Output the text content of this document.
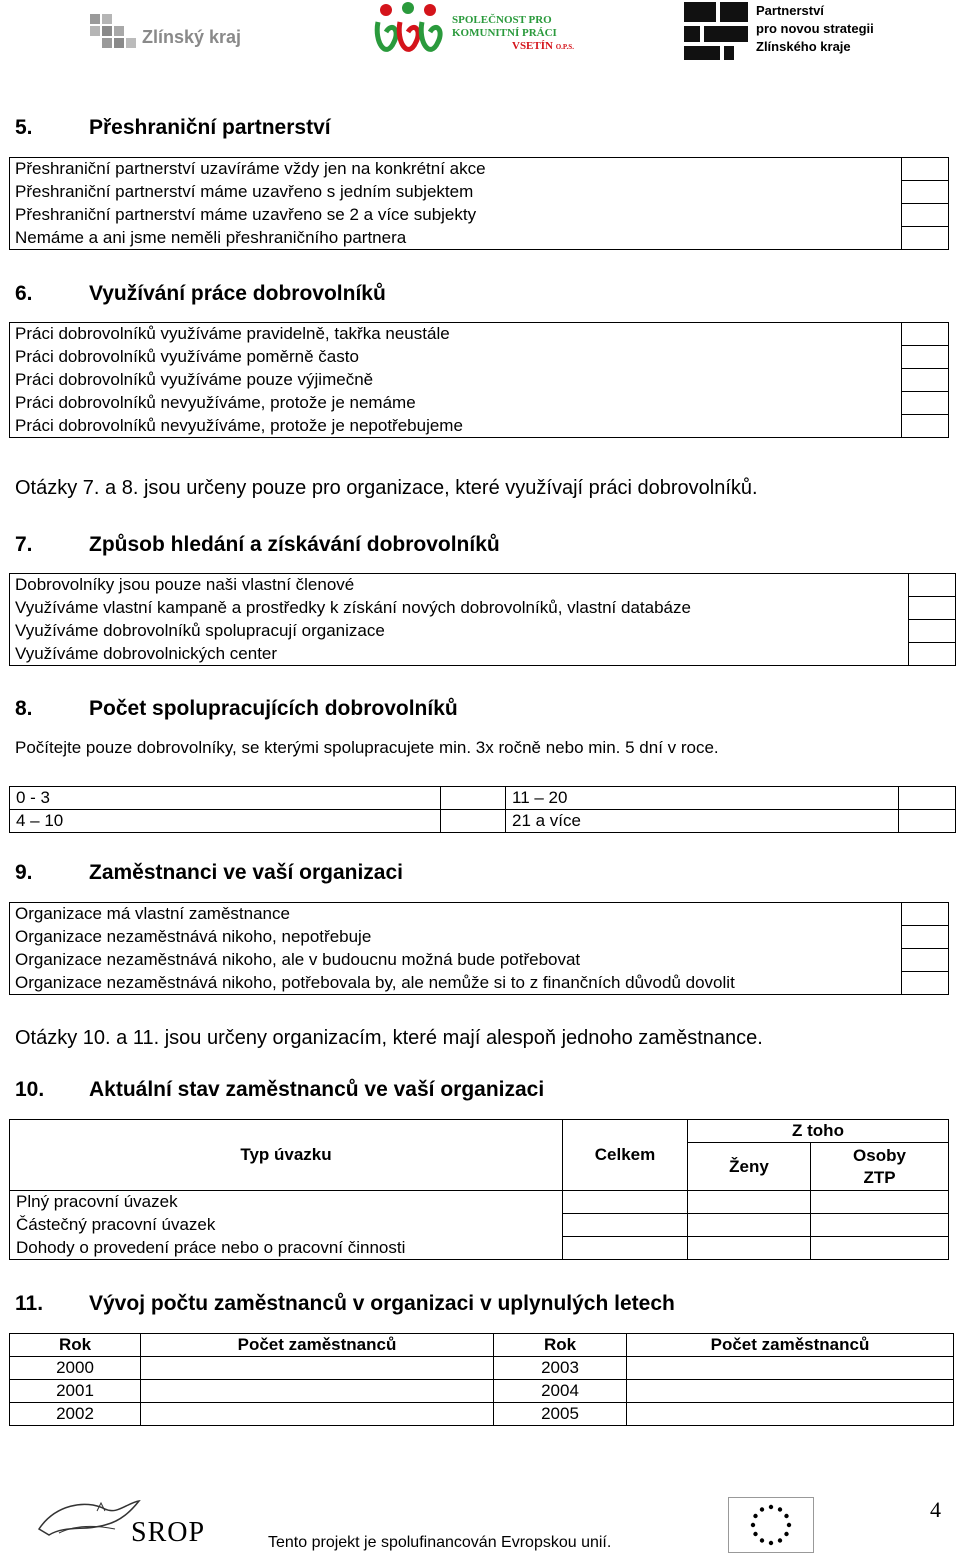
Zlínský kraj
SPOLEČNOST PRO
KOMUNITNÍ PRÁCI
VSETÍN O.P.S.
Partnerství
pro novou strategii
Zlínského kraje
5.	Přeshraniční partnerství
Přeshraniční partnerství uzavíráme vždy jen na konkrétní akce	
Přeshraniční partnerství máme uzavřeno s jedním subjektem	
Přeshraniční partnerství máme uzavřeno se 2 a více subjekty	
Nemáme a ani jsme neměli přeshraničního partnera	
6.	Využívání práce dobrovolníků
Práci dobrovolníků využíváme pravidelně, takřka neustále	
Práci dobrovolníků využíváme poměrně často	
Práci dobrovolníků využíváme pouze výjimečně	
Práci dobrovolníků nevyužíváme, protože je nemáme	
Práci dobrovolníků nevyužíváme, protože je nepotřebujeme	
Otázky 7. a 8. jsou určeny pouze pro organizace, které využívají práci dobrovolníků.
7.	Způsob hledání a získávání dobrovolníků
Dobrovolníky jsou pouze naši vlastní členové	
Využíváme vlastní kampaně a prostředky k získání nových dobrovolníků, vlastní databáze	
Využíváme dobrovolníků spolupracují organizace	
Využíváme dobrovolnických center	
8.	Počet spolupracujících dobrovolníků
Počítejte pouze dobrovolníky, se kterými spolupracujete min. 3x ročně nebo min. 5 dní v roce.
0 - 3		11 – 20	
4 – 10		21 a více	
9.	Zaměstnanci ve vaší organizaci
Organizace má vlastní zaměstnance	
Organizace nezaměstnává nikoho, nepotřebuje	
Organizace nezaměstnává nikoho, ale v budoucnu možná bude potřebovat	
Organizace nezaměstnává nikoho, potřebovala by, ale nemůže si to z finančních důvodů dovolit	
Otázky 10. a 11. jsou určeny organizacím, které mají alespoň jednoho zaměstnance.
10. Aktuální stav zaměstnanců ve vaší organizaci
Typ úvazku	Celkem	Z toho	
		Ženy	Osoby
ZTP

Plný pracovní úvazek			
Částečný pracovní úvazek			
Dohody o provedení práce nebo o pracovní činnosti			
11. Vývoj počtu zaměstnanců v organizaci v uplynulých letech
Rok	Počet zaměstnanců	Rok	Počet zaměstnanců
2000		2003	
2001		2004	
2002		2005	
SROP	Tento projekt je spolufinancován Evropskou unií.
4
